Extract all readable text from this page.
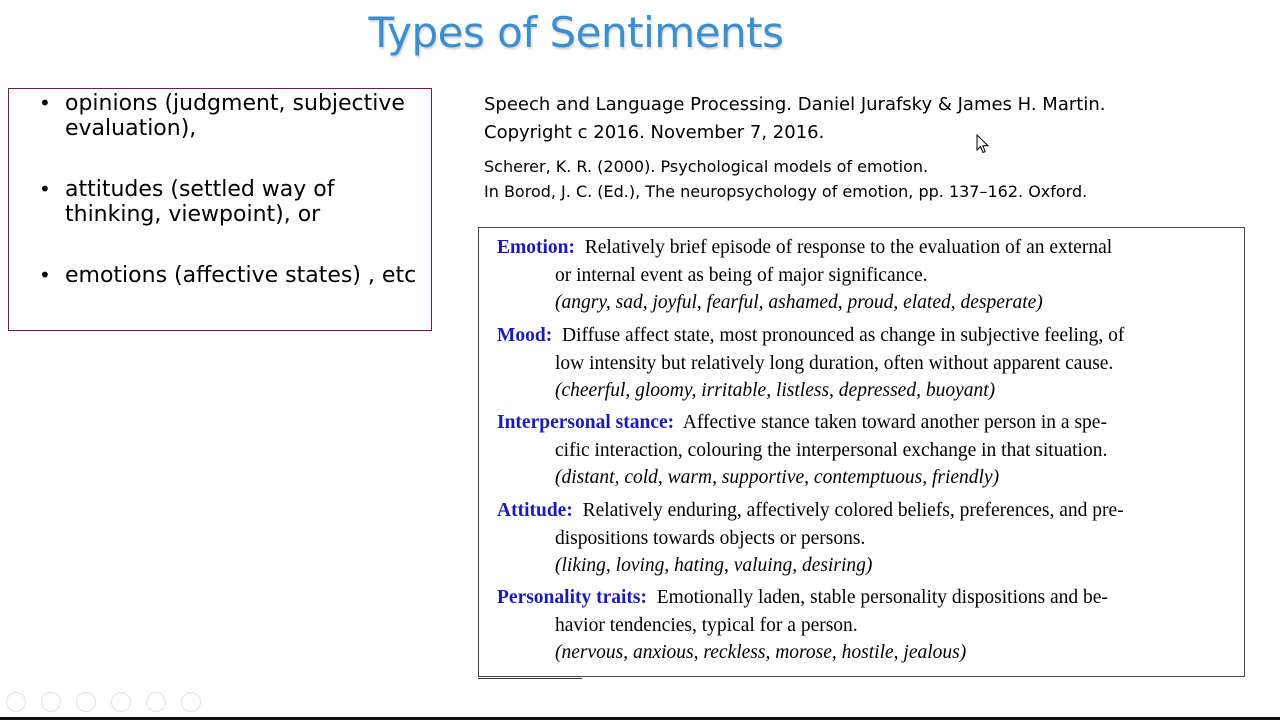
Types of Sentiments
• opinions (judgment, subjective evaluation),
• attitudes (settled way of thinking, viewpoint), or
• emotions (affective states) , etc
Speech and Language Processing. Daniel Jurafsky & James H. Martin.
Copyright c 2016. November 7, 2016.
Scherer, K. R. (2000). Psychological models of emotion.
In Borod, J. C. (Ed.), The neuropsychology of emotion, pp. 137–162. Oxford.
Emotion: Relatively brief episode of response to the evaluation of an external
or internal event as being of major significance.
(angry, sad, joyful, fearful, ashamed, proud, elated, desperate)
Mood: Diffuse affect state, most pronounced as change in subjective feeling, of
low intensity but relatively long duration, often without apparent cause.
(cheerful, gloomy, irritable, listless, depressed, buoyant)
Interpersonal stance: Affective stance taken toward another person in a spe-
cific interaction, colouring the interpersonal exchange in that situation.
(distant, cold, warm, supportive, contemptuous, friendly)
Attitude: Relatively enduring, affectively colored beliefs, preferences, and pre-
dispositions towards objects or persons.
(liking, loving, hating, valuing, desiring)
Personality traits: Emotionally laden, stable personality dispositions and be-
havior tendencies, typical for a person.
(nervous, anxious, reckless, morose, hostile, jealous)
